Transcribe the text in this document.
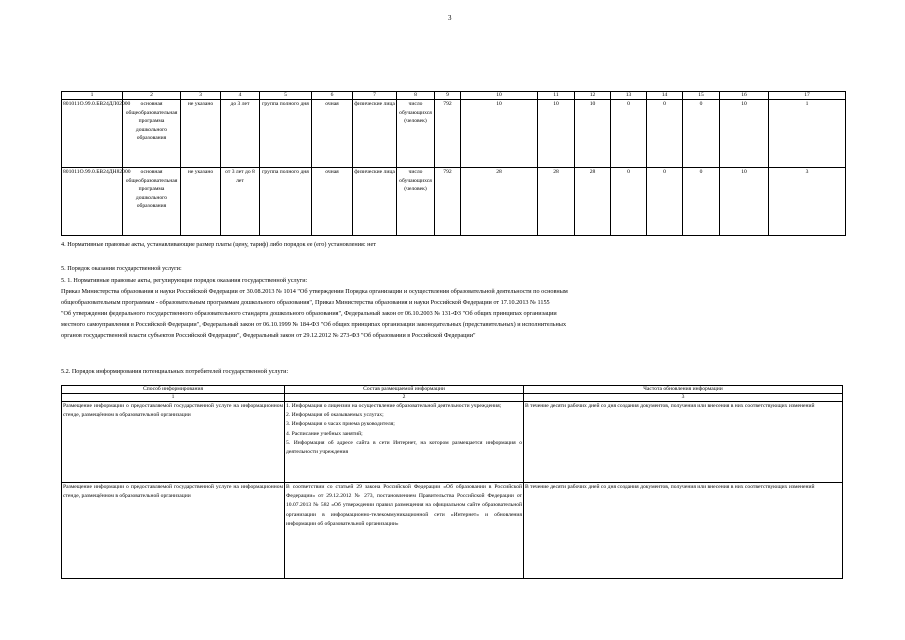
3
1	2	3	4	5	6	7	8	9	10	11	12	13	14	15	16	17
801011О.99.0.БВ24ДЛ02000	основная общеобразовательная программа дошкольного образования	не указано	до 3 лет	группа полного дня	очная	физические лица	число обучающихся (человек)	792	10	10	10	0	0	0	10	1
801011О.99.0.БВ24ДН82000	основная общеобразовательная программа дошкольного образования	не указано	от 3 лет до 8 лет	группа полного дня	очная	физические лица	число обучающихся (человек)	792	28	28	28	0	0	0	10	3
4. Нормативные правовые акты, устанавливающие размер платы (цену, тариф) либо порядок ее (его) установления: нет
5. Порядок оказания государственной услуги:
5. 1. Нормативные правовые акты, регулирующие порядок оказания государственной услуги:
Приказ Министерства образования и науки Российской Федерации от 30.08.2013 № 1014 "Об утверждении Порядка организации и осуществления образовательной деятельности по основным
общеобразовательным программам - образовательным программам дошкольного образования", Приказ Министерства образования и науки Российской Федерации от 17.10.2013 № 1155
"Об утверждении федерального государственного образовательного стандарта дошкольного образования", Федеральный закон от 06.10.2003 № 131-ФЗ "Об общих принципах организации
местного самоуправления в Российской Федерации", Федеральный закон от 06.10.1999 № 184-ФЗ "Об общих принципах организации законодательных (представительных) и исполнительных
органов государственной власти субъектов Российской Федерации", Федеральный закон от 29.12.2012 № 273-ФЗ "Об образовании в Российской Федерации"
5.2. Порядок информирования потенциальных потребителей государственной услуги:
Способ информирования	Состав размещаемой информации	Частота обновления информации
1	2	3
Размещение информации о предоставляемой государственной услуге на информационном стенде, размещённом в образовательной организации	1. Информация о лицензии на осуществление образовательной деятельности учреждения;
2. Информация об оказываемых услугах;
3. Информация о часах приема руководителя;
4. Расписание учебных занятий;
5. Информация об адресе сайта в сети Интернет, на котором размещается информация о деятельности учреждения	В течение десяти рабочих дней со дня создания документов, получения или внесения в них соответствующих изменений
Размещение информации о предоставляемой государственной услуге на информационном стенде, размещённом в образовательной организации	В соответствии со статьей 29 закона Российской Федерации «Об образовании в Российской Федерации» от 29.12.2012 № 273, постановлением Правительства Российской Федерации от 10.07.2013 № 582 «Об утверждении правил размещения на официальном сайте образовательной организации в информационно-телекоммуникационной сети «Интернет» и обновления информации об образовательной организации»	В течение десяти рабочих дней со дня создания документов, получения или внесения в них соответствующих изменений
